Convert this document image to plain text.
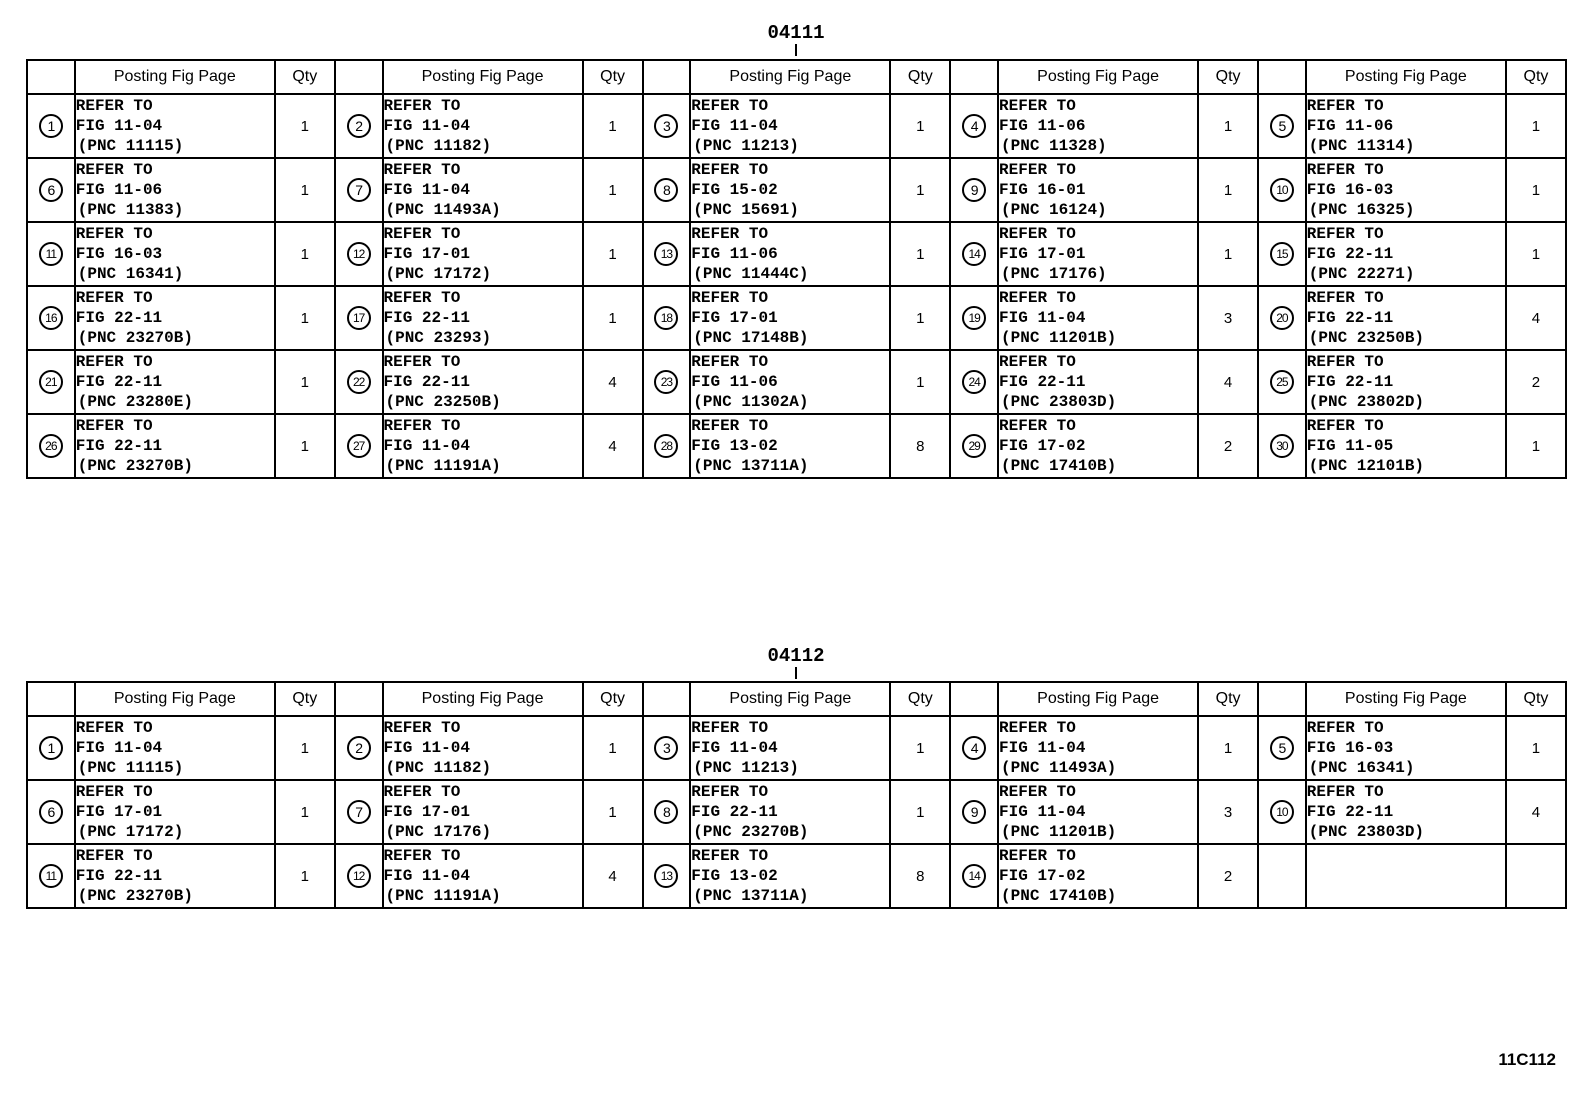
04111
	Posting Fig Page	Qty		Posting Fig Page	Qty		Posting Fig Page	Qty		Posting Fig Page	Qty		Posting Fig Page	Qty

1	REFER TO
FIG 11-04
(PNC 11115)	1	2	REFER TO
FIG 11-04
(PNC 11182)	1	3	REFER TO
FIG 11-04
(PNC 11213)	1	4	REFER TO
FIG 11-06
(PNC 11328)	1	5	REFER TO
FIG 11-06
(PNC 11314)	1

6	REFER TO
FIG 11-06
(PNC 11383)	1	7	REFER TO
FIG 11-04
(PNC 11493A)	1	8	REFER TO
FIG 15-02
(PNC 15691)	1	9	REFER TO
FIG 16-01
(PNC 16124)	1	10	REFER TO
FIG 16-03
(PNC 16325)	1

11	REFER TO
FIG 16-03
(PNC 16341)	1	12	REFER TO
FIG 17-01
(PNC 17172)	1	13	REFER TO
FIG 11-06
(PNC 11444C)	1	14	REFER TO
FIG 17-01
(PNC 17176)	1	15	REFER TO
FIG 22-11
(PNC 22271)	1

16	REFER TO
FIG 22-11
(PNC 23270B)	1	17	REFER TO
FIG 22-11
(PNC 23293)	1	18	REFER TO
FIG 17-01
(PNC 17148B)	1	19	REFER TO
FIG 11-04
(PNC 11201B)	3	20	REFER TO
FIG 22-11
(PNC 23250B)	4

21	REFER TO
FIG 22-11
(PNC 23280E)	1	22	REFER TO
FIG 22-11
(PNC 23250B)	4	23	REFER TO
FIG 11-06
(PNC 11302A)	1	24	REFER TO
FIG 22-11
(PNC 23803D)	4	25	REFER TO
FIG 22-11
(PNC 23802D)	2

26	REFER TO
FIG 22-11
(PNC 23270B)	1	27	REFER TO
FIG 11-04
(PNC 11191A)	4	28	REFER TO
FIG 13-02
(PNC 13711A)	8	29	REFER TO
FIG 17-02
(PNC 17410B)	2	30	REFER TO
FIG 11-05
(PNC 12101B)	1
04112
	Posting Fig Page	Qty		Posting Fig Page	Qty		Posting Fig Page	Qty		Posting Fig Page	Qty		Posting Fig Page	Qty

1	REFER TO
FIG 11-04
(PNC 11115)	1	2	REFER TO
FIG 11-04
(PNC 11182)	1	3	REFER TO
FIG 11-04
(PNC 11213)	1	4	REFER TO
FIG 11-04
(PNC 11493A)	1	5	REFER TO
FIG 16-03
(PNC 16341)	1

6	REFER TO
FIG 17-01
(PNC 17172)	1	7	REFER TO
FIG 17-01
(PNC 17176)	1	8	REFER TO
FIG 22-11
(PNC 23270B)	1	9	REFER TO
FIG 11-04
(PNC 11201B)	3	10	REFER TO
FIG 22-11
(PNC 23803D)	4

11	REFER TO
FIG 22-11
(PNC 23270B)	1	12	REFER TO
FIG 11-04
(PNC 11191A)	4	13	REFER TO
FIG 13-02
(PNC 13711A)	8	14	REFER TO
FIG 17-02
(PNC 17410B)	2			
11C112
